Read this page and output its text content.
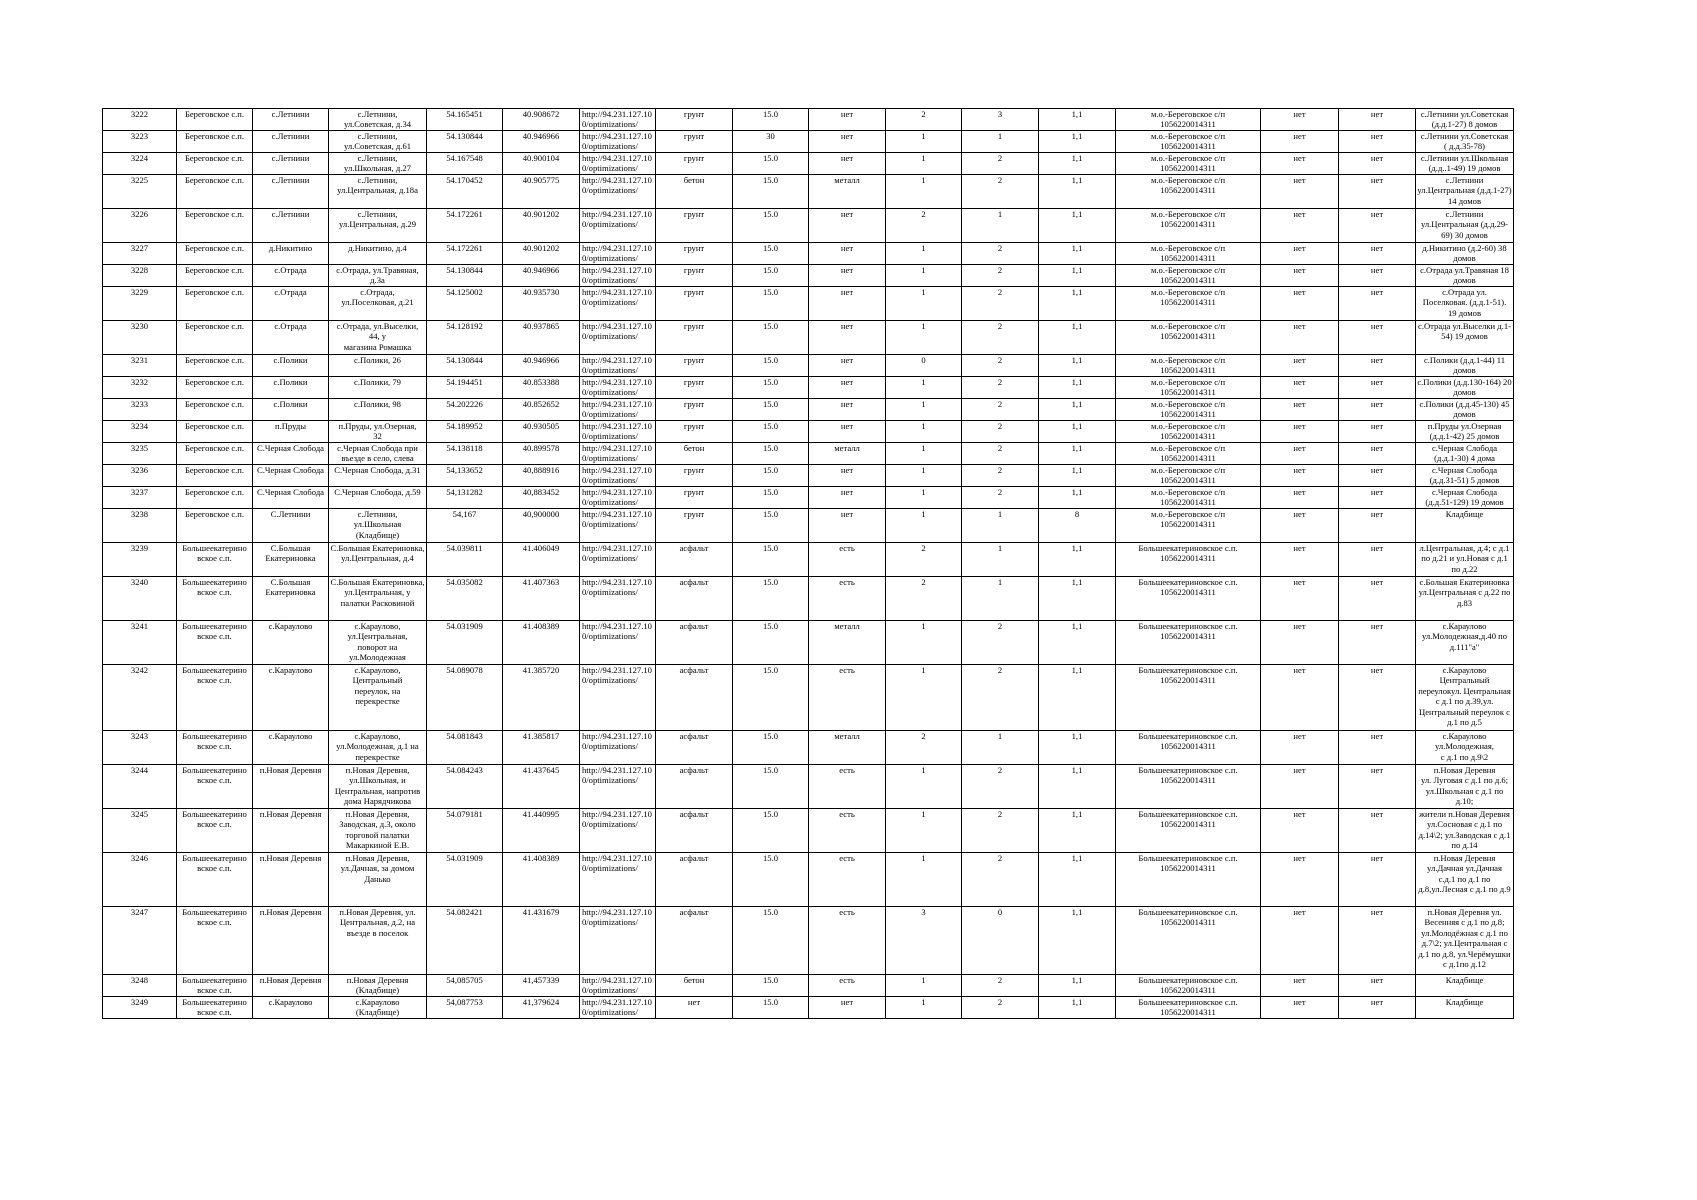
3222	Береговское с.п.	с.Летнини	с.Летнини,
ул.Советская, д.34	54.165451	40.908672	http://94.231.127.10 0/optimizations/	грунт	15.0	нет	2	3	1,1	м.о.-Береговское с/п
1056220014311	нет	нет	с.Летнини ул.Советская (д.д.1-27) 8 домов
3223	Береговское с.п.	с.Летнини	с.Летнини,
ул.Советская, д.61	54.130844	40.946966	http://94.231.127.10 0/optimizations/	грунт	30	нет	1	1	1,1	м.о.-Береговское с/п
1056220014311	нет	нет	с.Летнини ул.Советская
( д.д.35-78)
3224	Береговское с.п.	с.Летнини	с.Летнини,
ул.Школьная, д.27	54.167548	40.900104	http://94.231.127.10 0/optimizations/	грунт	15.0	нет	1	2	1,1	м.о.-Береговское с/п
1056220014311	нет	нет	с.Летнини ул.Школьная
(д.д..1-49) 19 домов
3225	Береговское с.п.	с.Летнини	с.Летнини,
ул.Центральная, д.18а	54.170452	40.905775	http://94.231.127.10 0/optimizations/	бетон	15.0	металл	1	2	1,1	м.о.-Береговское с/п
1056220014311	нет	нет	с.Летнини
ул.Центральная (д.д.1-27)
14 домов
3226	Береговское с.п.	с.Летнини	с.Летнини,
ул.Центральная, д.29	54.172261	40.901202	http://94.231.127.10 0/optimizations/	грунт	15.0	нет	2	1	1,1	м.о.-Береговское с/п
1056220014311	нет	нет	с.Летнини
ул.Центральная (д.д.29-69) 30 домов
3227	Береговское с.п.	д.Никитино	д.Никитино, д.4	54.172261	40.901202	http://94.231.127.10 0/optimizations/	грунт	15.0	нет	1	2	1,1	м.о.-Береговское с/п
1056220014311	нет	нет	д.Никитино (д.2-60) 38 домов
3228	Береговское с.п.	с.Отрада	с.Отрада, ул.Травяная, д.3а	54.130844	40.946966	http://94.231.127.10 0/optimizations/	грунт	15.0	нет	1	2	1,1	м.о.-Береговское с/п
1056220014311	нет	нет	с.Отрада ул.Травяная 18 домов
3229	Береговское с.п.	с.Отрада	с.Отрада,
ул.Поселковая, д.21	54.125002	40.935730	http://94.231.127.10 0/optimizations/	грунт	15.0	нет	1	2	1,1	м.о.-Береговское с/п
1056220014311	нет	нет	с.Отрада ул.
Поселковая. (д.д.1-51).
19 домов
3230	Береговское с.п.	с.Отрада	с.Отрада, ул.Выселки,
44, у
магазина Ромашка	54.128192	40.937865	http://94.231.127.10 0/optimizations/	грунт	15.0	нет	1	2	1,1	м.о.-Береговское с/п
1056220014311	нет	нет	с.Отрада ул.Выселки д.1-54) 19 домов
3231	Береговское с.п.	с.Полики	с.Полики, 26	54.130844	40.946966	http://94.231.127.10 0/optimizations/	грунт	15.0	нет	0	2	1,1	м.о.-Береговское с/п
1056220014311	нет	нет	с.Полики (д.д.1-44) 11 домов
3232	Береговское с.п.	с.Полики	с.Полики, 79	54.194451	40.853388	http://94.231.127.10 0/optimizations/	грунт	15.0	нет	1	2	1,1	м.о.-Береговское с/п
1056220014311	нет	нет	с.Полики (д.д.130-164) 20 домов
3233	Береговское с.п.	с.Полики	с.Полики, 98	54.202226	40.852652	http://94.231.127.10 0/optimizations/	грунт	15.0	нет	1	2	1,1	м.о.-Береговское с/п
1056220014311	нет	нет	с.Полики (д.д.45-130) 45 домов
3234	Береговское с.п.	п.Пруды	п.Пруды, ул.Озерная,
32	54.189952	40.930505	http://94.231.127.10 0/optimizations/	грунт	15.0	нет	1	2	1,1	м.о.-Береговское с/п
1056220014311	нет	нет	п.Пруды ул.Озерная
(д.д.1-42) 25 домов
3235	Береговское с.п.	С.Черная Слобода	с.Черная Слобода при въезде в село, слева	54.138118	40.899578	http://94.231.127.10 0/optimizations/	бетон	15.0	металл	1	2	1,1	м.о.-Береговское с/п
1056220014311	нет	нет	с.Черная Слобода
(д.д.1-30) 4 дома
3236	Береговское с.п.	С.Черная Слобода	С.Черная Слобода, д.31	54,133652	40,888916	http://94.231.127.10 0/optimizations/	грунт	15.0	нет	1	2	1,1	м.о.-Береговское с/п
1056220014311	нет	нет	с.Черная Слобода
(д.д.31-51) 5 домов
3237	Береговское с.п.	С.Черная Слобода	С.Черная Слобода, д.59	54,131282	40,883452	http://94.231.127.10 0/optimizations/	грунт	15.0	нет	1	2	1,1	м.о.-Береговское с/п
1056220014311	нет	нет	с.Черная Слобода
(д.д.51-129) 19 домов
3238	Береговское с.п.	С.Летнини	с.Летнини,
ул.Школьная
(Кладбище)	54,167	40,900000	http://94.231.127.10 0/optimizations/	грунт	15.0	нет	1	1	8	м.о.-Береговское с/п
1056220014311	нет	нет	Кладбище
3239	Большеекатерино вское с.п.	С.Большая Екатериновка	С.Большая Екатериновка,
ул.Центральная, д.4	54.039811	41.406049	http://94.231.127.10 0/optimizations/	асфальт	15.0	есть	2	1	1,1	Большеекатериновское с.п.
1056220014311	нет	нет	л.Центральная, д.4; с д.1 по д.21 и ул.Новая с д.1 по д.22
3240	Большеекатерино вское с.п.	С.Большая Екатериновка	С.Большая Екатериновка,
ул.Центральная, у палатки Расковиной	54.035082	41.407363	http://94.231.127.10 0/optimizations/	асфальт	15.0	есть	2	1	1,1	Большеекатериновское с.п.
1056220014311	нет	нет	с.Большая Екатериновка ул.Центральная с д.22 по д.83
3241	Большеекатерино вское с.п.	с.Караулово	с.Караулово,
ул.Центральная,
поворот на
ул.Молодежная	54.031909	41.408389	http://94.231.127.10 0/optimizations/	асфальт	15.0	металл	1	2	1,1	Большеекатериновское с.п.
1056220014311	нет	нет	с.Караулово
ул.Молодежная,д.40 по д.111"а"
3242	Большеекатерино вское с.п.	с.Караулово	с.Караулово,
Центральный
переулок, на
перекрестке	54.089078	41.385720	http://94.231.127.10 0/optimizations/	асфальт	15.0	есть	1	2	1,1	Большеекатериновское с.п.
1056220014311	нет	нет	с.Караулово
Центральный
переулокул. Центральная с д.1 по д.39,ул. Центральный переулок с д.1 по д.5
3243	Большеекатерино вское с.п.	с.Караулово	с.Караулово,
ул.Молодежная, д.1 на перекрестке	54.081843	41.385817	http://94.231.127.10 0/optimizations/	асфальт	15.0	металл	2	1	1,1	Большеекатериновское с.п.
1056220014311	нет	нет	с.Караулово
ул.Молодежная,
с д.1 по д.9\2
3244	Большеекатерино вское с.п.	п.Новая Деревня	п.Новая Деревня,
ул.Школьная, и
Центральная, напротив дома Нарядчикова	54.084243	41.437645	http://94.231.127.10 0/optimizations/	асфальт	15.0	есть	1	2	1,1	Большеекатериновское с.п.
1056220014311	нет	нет	п.Новая Деревня
ул. Луговая с д.1 по д.6;
ул.Школьная с д.1 по д.10;
3245	Большеекатерино вское с.п.	п.Новая Деревня	п.Новая Деревня,
Заводская, д.3, около торговой палатки Макаркиной Е.В.	54.079181	41.440995	http://94.231.127.10 0/optimizations/	асфальт	15.0	есть	1	2	1,1	Большеекатериновское с.п.
1056220014311	нет	нет	жители п.Новая Деревня
ул.Сосновая с д.1 по д.14\2; ул.Заводская с д.1 по д.14
3246	Большеекатерино вское с.п.	п.Новая Деревня	п.Новая Деревня,
ул.Дачная, за домом Данько	54.031909	41.408389	http://94.231.127.10 0/optimizations/	асфальт	15.0	есть	1	2	1,1	Большеекатериновское с.п.
1056220014311	нет	нет	п.Новая Деревня
ул.Дачная ул.Дачная
с.д.1 по д.1 по
д.8,ул.Лесная с д.1 по д.9
3247	Большеекатерино вское с.п.	п.Новая Деревня	п.Новая Деревня, ул. Центральная, д.2, на въезде в поселок	54.082421	41.431679	http://94.231.127.10 0/optimizations/	асфальт	15.0	есть	3	0	1,1	Большеекатериновское с.п.
1056220014311	нет	нет	п.Новая Деревня ул.
Весенняя с д.1 по д.8;
ул.Молодёжная с д.1 по д.7\2; ул.Центральная с д.1 по д.8, ул.Черёмушки с д.1по д.12
3248	Большеекатерино вское с.п.	п.Новая Деревня	п.Новая Деревня
(Кладбище)	54,085705	41,457339	http://94.231.127.10 0/optimizations/	бетон	15.0	есть	1	2	1,1	Большеекатериновское с.п.
1056220014311	нет	нет	Кладбище
3249	Большеекатерино вское с.п.	с.Караулово	с.Караулово
(Кладбище)	54,087753	41,379624	http://94.231.127.10 0/optimizations/	нет	15.0	нет	1	2	1,1	Большеекатериновское с.п.
1056220014311	нет	нет	Кладбище
